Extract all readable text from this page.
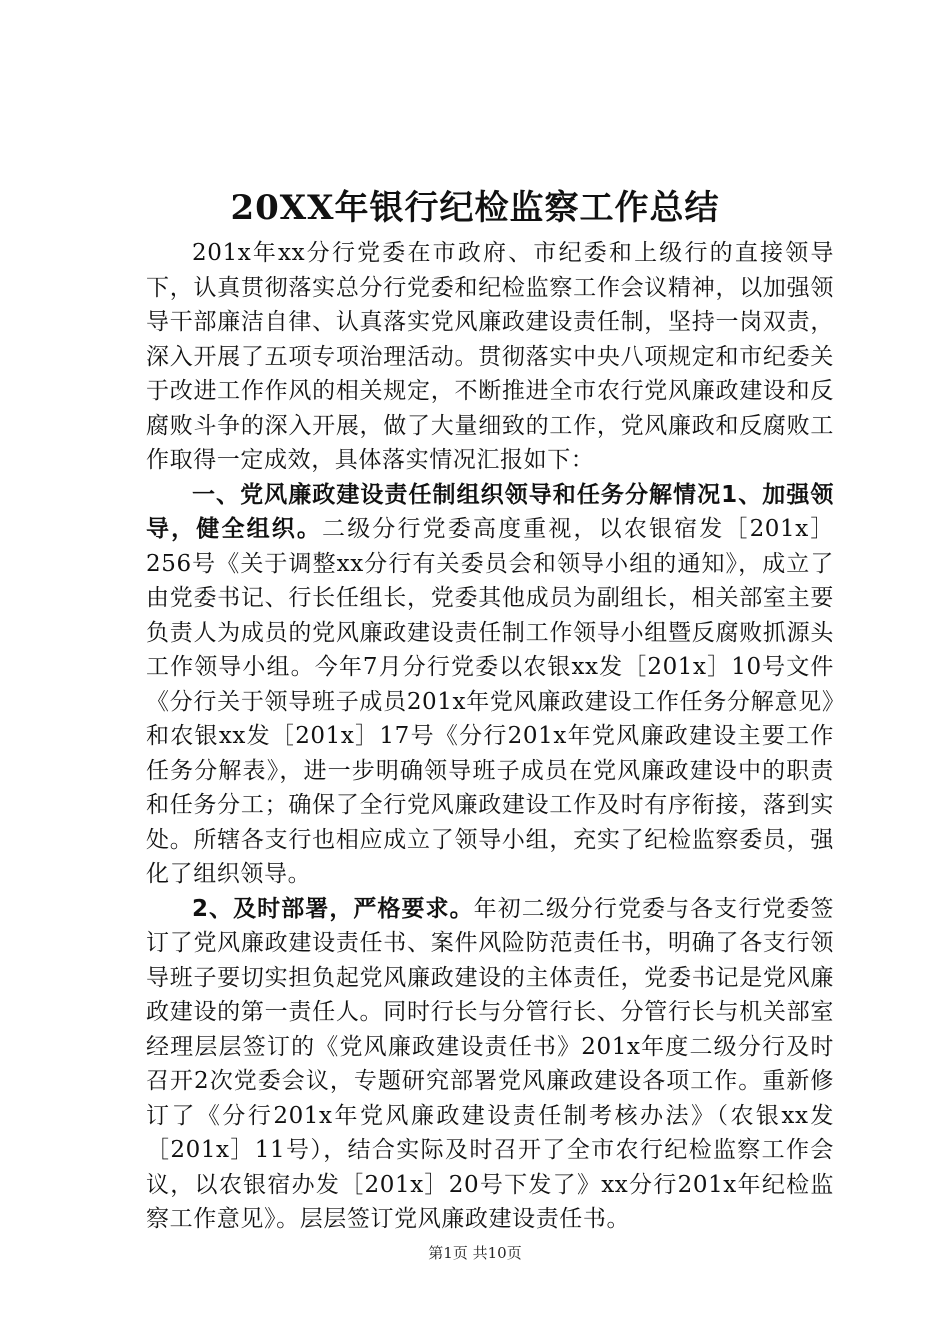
20XX年银行纪检监察工作总结

201x年xx分行党委在市政府、市纪委和上级行的直接领导下，认真贯彻落实总分行党委和纪检监察工作会议精神，以加强领导干部廉洁自律、认真落实党风廉政建设责任制，坚持一岗双责，深入开展了五项专项治理活动。贯彻落实中央八项规定和市纪委关于改进工作作风的相关规定，不断推进全市农行党风廉政建设和反腐败斗争的深入开展，做了大量细致的工作，党风廉政和反腐败工作取得一定成效，具体落实情况汇报如下：

一、党风廉政建设责任制组织领导和任务分解情况1、加强领导，健全组织。二级分行党委高度重视，以农银宿发［201x］256号《关于调整xx分行有关委员会和领导小组的通知》，成立了由党委书记、行长任组长，党委其他成员为副组长，相关部室主要负责人为成员的党风廉政建设责任制工作领导小组暨反腐败抓源头工作领导小组。今年7月分行党委以农银xx发［201x］10号文件《分行关于领导班子成员201x年党风廉政建设工作任务分解意见》和农银xx发［201x］17号《分行201x年党风廉政建设主要工作任务分解表》，进一步明确领导班子成员在党风廉政建设中的职责和任务分工；确保了全行党风廉政建设工作及时有序衔接，落到实处。所辖各支行也相应成立了领导小组，充实了纪检监察委员，强化了组织领导。

2、及时部署，严格要求。年初二级分行党委与各支行党委签订了党风廉政建设责任书、案件风险防范责任书，明确了各支行领导班子要切实担负起党风廉政建设的主体责任，党委书记是党风廉政建设的第一责任人。同时行长与分管行长、分管行长与机关部室经理层层签订的《党风廉政建设责任书》201x年度二级分行及时召开2次党委会议，专题研究部署党风廉政建设各项工作。重新修订了《分行201x年党风廉政建设责任制考核办法》（农银xx发［201x］11号），结合实际及时召开了全市农行纪检监察工作会议，以农银宿办发［201x］20号下发了》xx分行201x年纪检监察工作意见》。层层签订党风廉政建设责任书。

第1页 共10页
